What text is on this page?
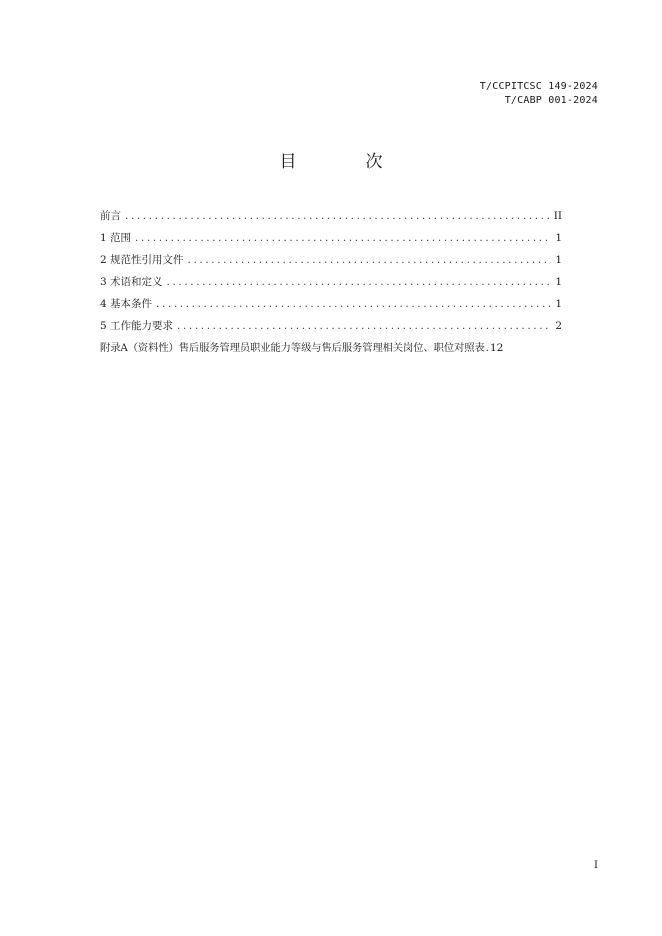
T/CCPITCSC 149-2024
T/CABP 001-2024
目　次
前言 .....	II
1 范围 .....	1
2 规范性引用文件 .....	1
3 术语和定义 .....	1
4 基本条件 .....	1
5 工作能力要求 .....	2
附录A（资料性）售后服务管理员职业能力等级与售后服务管理相关岗位、职位对照表 . 12
I
